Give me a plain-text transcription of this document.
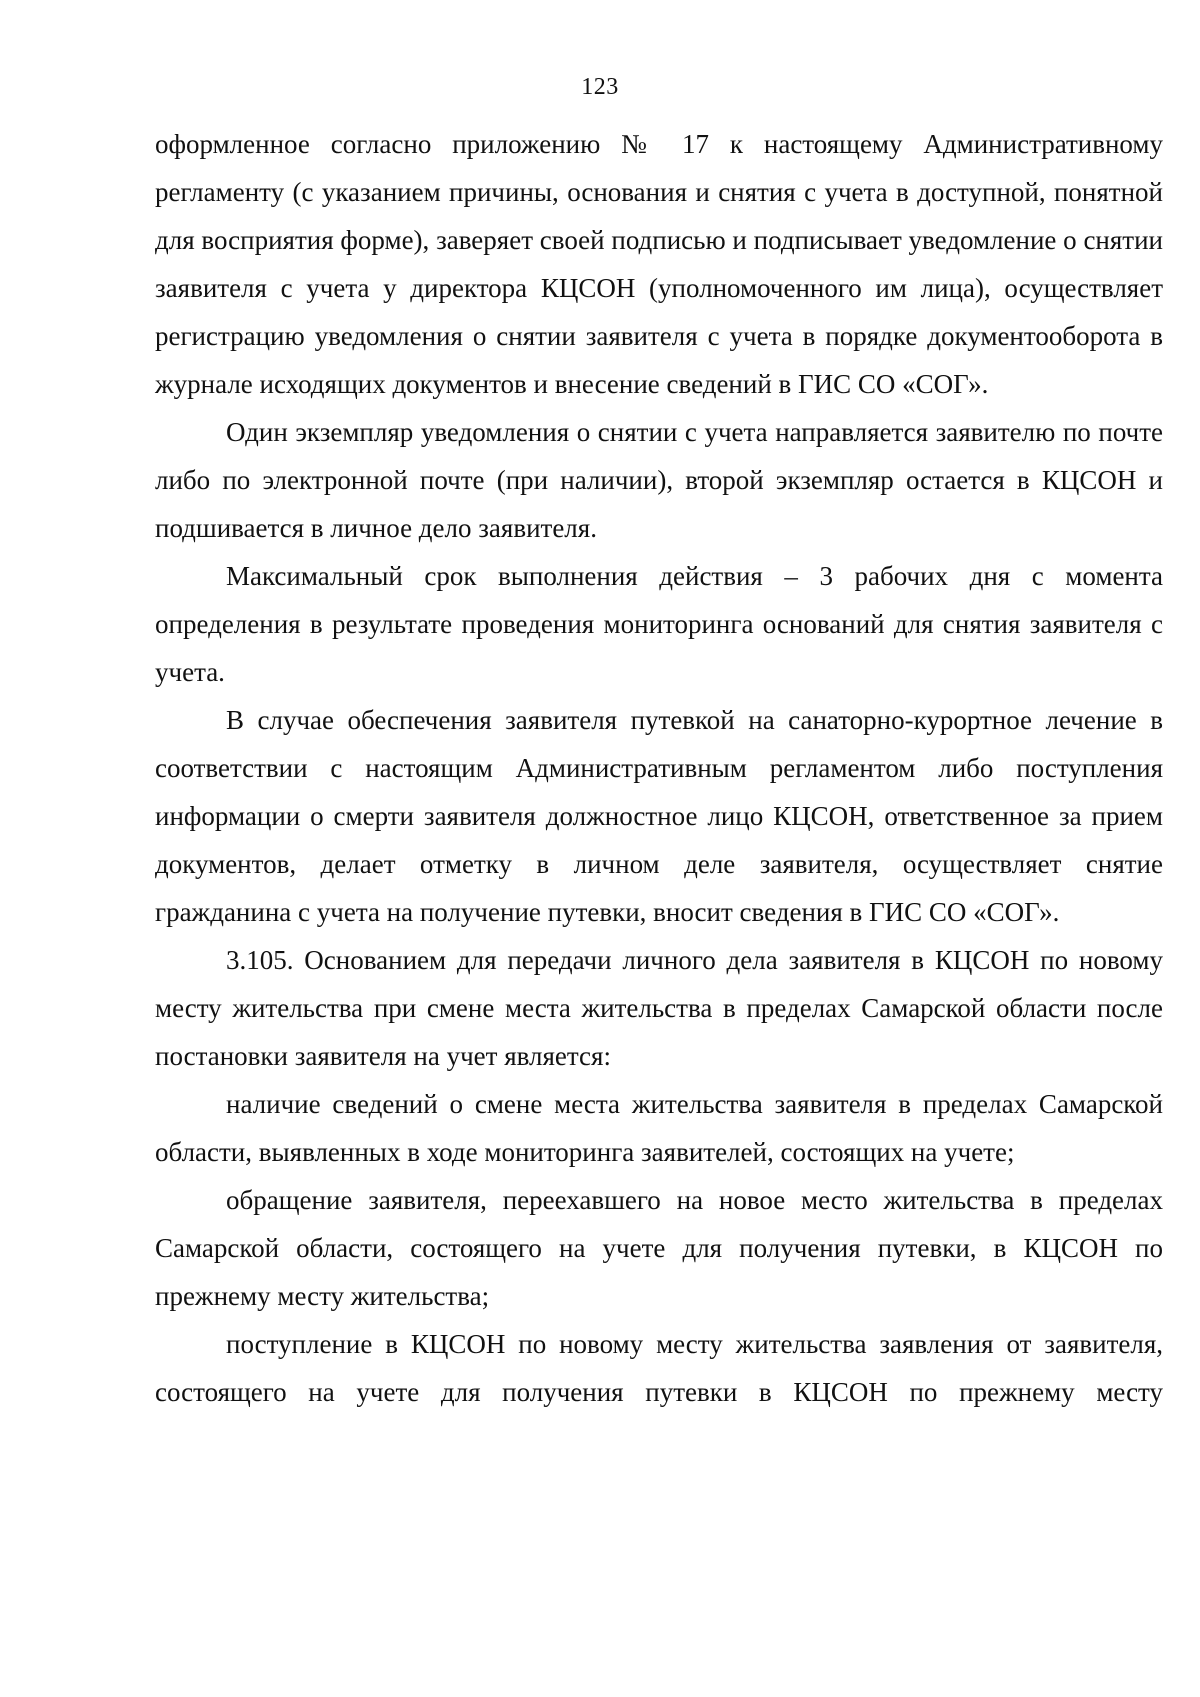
123

оформленное согласно приложению № 17 к настоящему Административному регламенту (с указанием причины, основания и снятия с учета в доступной, понятной для восприятия форме), заверяет своей подписью и подписывает уведомление о снятии заявителя с учета у директора КЦСОН (уполномоченного им лица), осуществляет регистрацию уведомления о снятии заявителя с учета в порядке документооборота в журнале исходящих документов и внесение сведений в ГИС СО «СОГ».

Один экземпляр уведомления о снятии с учета направляется заявителю по почте либо по электронной почте (при наличии), второй экземпляр остается в КЦСОН и подшивается в личное дело заявителя.

Максимальный срок выполнения действия – 3 рабочих дня с момента определения в результате проведения мониторинга оснований для снятия заявителя с учета.

В случае обеспечения заявителя путевкой на санаторно-курортное лечение в соответствии с настоящим Административным регламентом либо поступления информации о смерти заявителя должностное лицо КЦСОН, ответственное за прием документов, делает отметку в личном деле заявителя, осуществляет снятие гражданина с учета на получение путевки, вносит сведения в ГИС СО «СОГ».

3.105. Основанием для передачи личного дела заявителя в КЦСОН по новому месту жительства при смене места жительства в пределах Самарской области после постановки заявителя на учет является:

наличие сведений о смене места жительства заявителя в пределах Самарской области, выявленных в ходе мониторинга заявителей, состоящих на учете;

обращение заявителя, переехавшего на новое место жительства в пределах Самарской области, состоящего на учете для получения путевки, в КЦСОН по прежнему месту жительства;

поступление в КЦСОН по новому месту жительства заявления от заявителя, состоящего на учете для получения путевки в КЦСОН по прежнему месту
